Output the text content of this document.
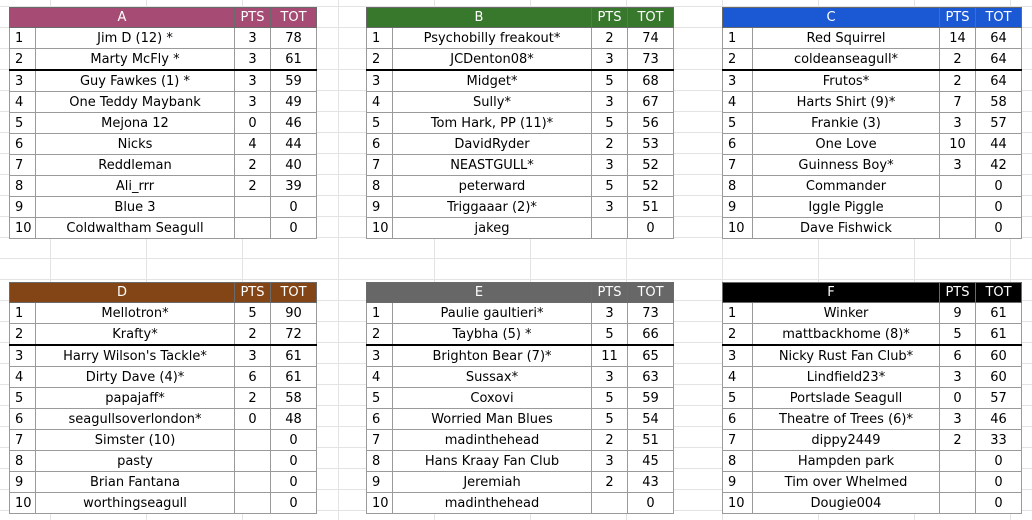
A		PTS	TOT
1	Jim D (12) *	3	78
2	Marty McFly *	3	61
3	Guy Fawkes (1) *	3	59
4	One Teddy Maybank	3	49
5	Mejona 12	0	46
6	Nicks	4	44
7	Reddleman	2	40
8	Ali_rrr	2	39
9	Blue 3		0
10	Coldwaltham Seagull		0
B		PTS	TOT
1	Psychobilly freakout*	2	74
2	JCDenton08*	3	73
3	Midget*	5	68
4	Sully*	3	67
5	Tom Hark, PP (11)*	5	56
6	DavidRyder	2	53
7	NEASTGULL*	3	52
8	peterward	5	52
9	Triggaaar (2)*	3	51
10	jakeg		0
C		PTS	TOT
1	Red Squirrel	14	64
2	coldeanseagull*	2	64
3	Frutos*	2	64
4	Harts Shirt (9)*	7	58
5	Frankie (3)	3	57
6	One Love	10	44
7	Guinness Boy*	3	42
8	Commander		0
9	Iggle Piggle		0
10	Dave Fishwick		0
D		PTS	TOT
1	Mellotron*	5	90
2	Krafty*	2	72
3	Harry Wilson's Tackle*	3	61
4	Dirty Dave (4)*	6	61
5	papajaff*	2	58
6	seagullsoverlondon*	0	48
7	Simster (10)		0
8	pasty		0
9	Brian Fantana		0
10	worthingseagull		0
E		PTS	TOT
1	Paulie gaultieri*	3	73
2	Taybha (5) *	5	66
3	Brighton Bear (7)*	11	65
4	Sussax*	3	63
5	Coxovi	5	59
6	Worried Man Blues	5	54
7	madinthehead	2	51
8	Hans Kraay Fan Club	3	45
9	Jeremiah	2	43
10	madinthehead		0
F		PTS	TOT
1	Winker	9	61
2	mattbackhome (8)*	5	61
3	Nicky Rust Fan Club*	6	60
4	Lindfield23*	3	60
5	Portslade Seagull	0	57
6	Theatre of Trees (6)*	3	46
7	dippy2449	2	33
8	Hampden park		0
9	Tim over Whelmed		0
10	Dougie004		0
